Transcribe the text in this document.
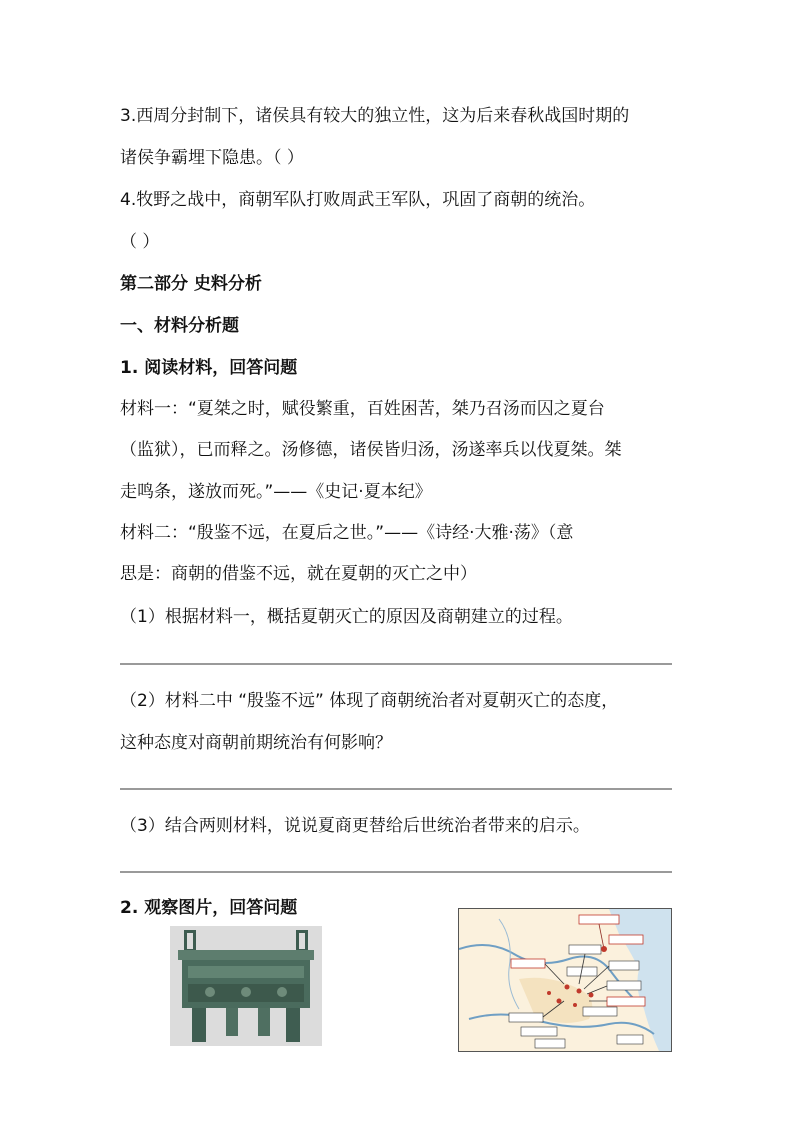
3.西周分封制下，诸侯具有较大的独立性，这为后来春秋战国时期的
诸侯争霸埋下隐患。（ ）
4.牧野之战中，商朝军队打败周武王军队，巩固了商朝的统治。
（ ）
第二部分 史料分析
一、材料分析题
1. 阅读材料，回答问题
材料一：“夏桀之时，赋役繁重，百姓困苦，桀乃召汤而囚之夏台
（监狱），已而释之。汤修德，诸侯皆归汤，汤遂率兵以伐夏桀。桀
走鸣条，遂放而死。”——《史记·夏本纪》
材料二：“殷鉴不远，在夏后之世。”——《诗经·大雅·荡》（意
思是：商朝的借鉴不远，就在夏朝的灭亡之中）
（1）根据材料一，概括夏朝灭亡的原因及商朝建立的过程。
（2）材料二中 “殷鉴不远” 体现了商朝统治者对夏朝灭亡的态度，
这种态度对商朝前期统治有何影响？
（3）结合两则材料，说说夏商更替给后世统治者带来的启示。
2. 观察图片，回答问题
